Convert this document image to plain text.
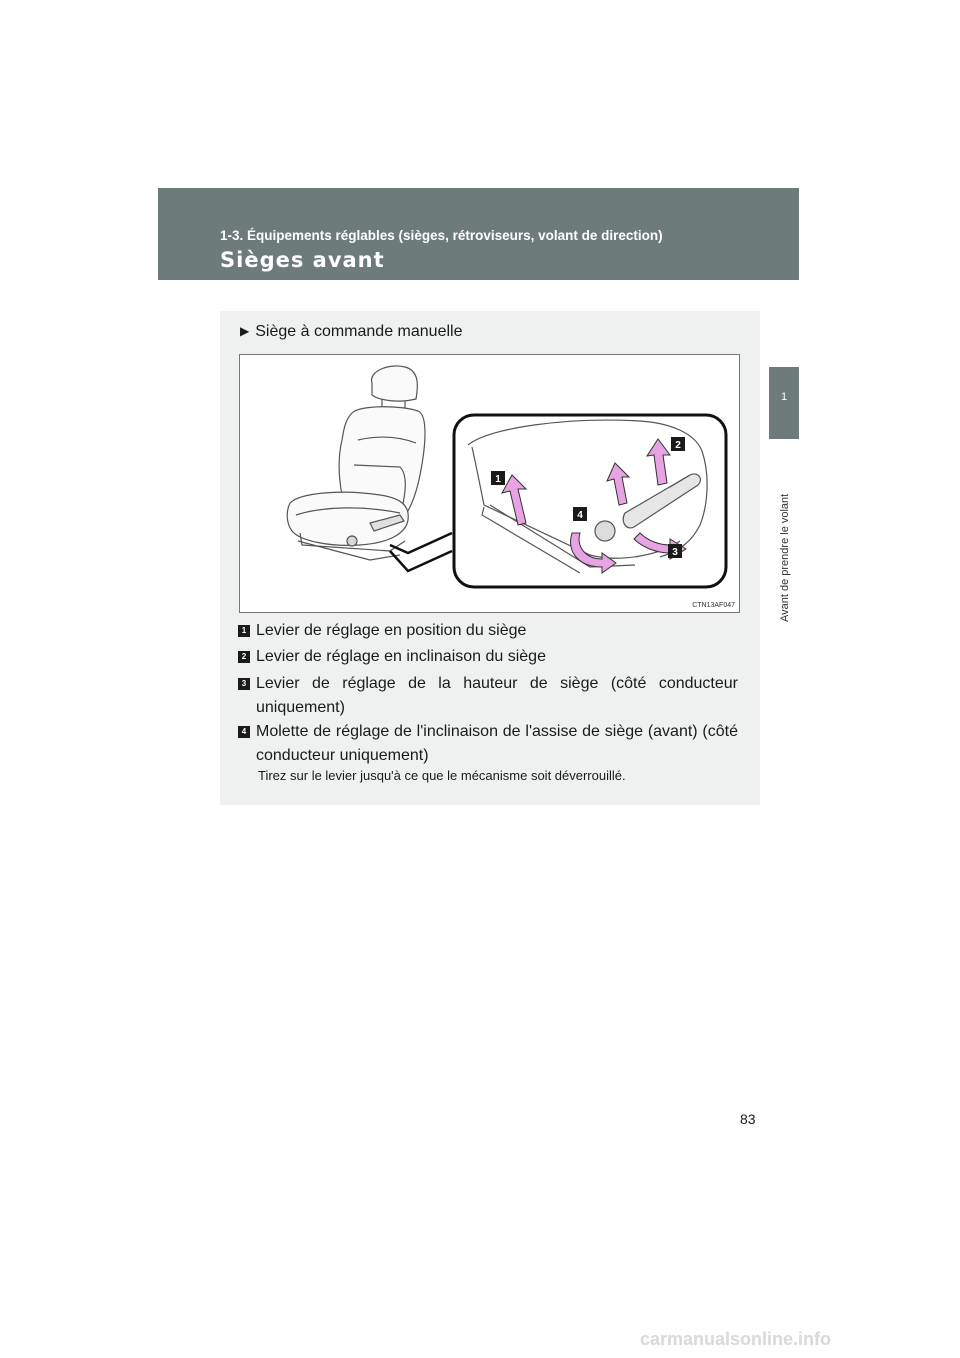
1-3. Équipements réglables (sièges, rétroviseurs, volant de direction)
Sièges avant
1
Avant de prendre le volant
▶ Siège à commande manuelle
1
2
3
4
CTN13AF047
1 Levier de réglage en position du siège
2 Levier de réglage en inclinaison du siège
3 Levier de réglage de la hauteur de siège (côté conducteur uniquement)
4 Molette de réglage de l'inclinaison de l'assise de siège (avant) (côté conducteur uniquement)
Tirez sur le levier jusqu'à ce que le mécanisme soit déverrouillé.
83
carmanualsonline.info
